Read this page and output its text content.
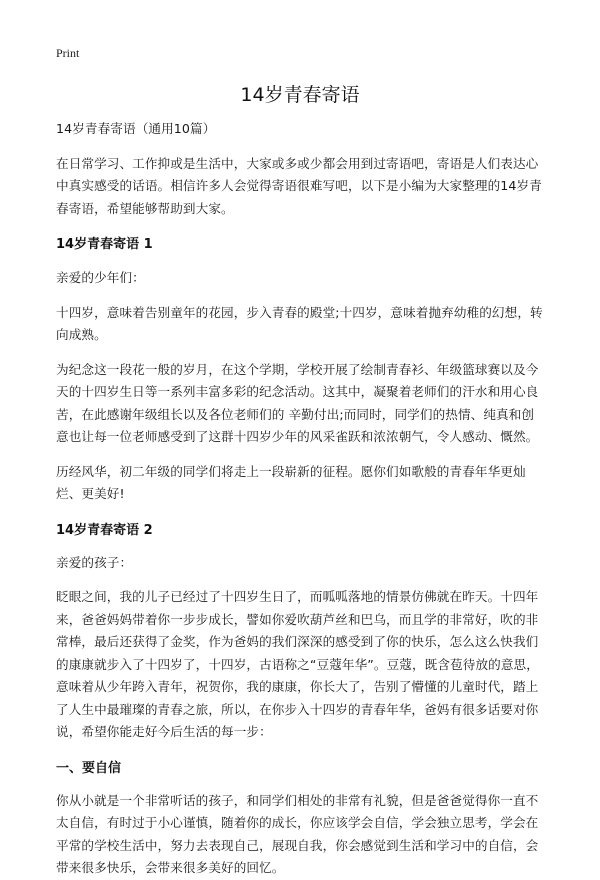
Print
14岁青春寄语

14岁青春寄语（通用10篇）

在日常学习、工作抑或是生活中，大家或多或少都会用到过寄语吧，寄语是人们表达心中真实感受的话语。相信许多人会觉得寄语很难写吧，以下是小编为大家整理的14岁青春寄语，希望能够帮助到大家。

14岁青春寄语 1

亲爱的少年们：

十四岁，意味着告别童年的花园，步入青春的殿堂;十四岁，意味着抛弃幼稚的幻想，转向成熟。

为纪念这一段花一般的岁月，在这个学期，学校开展了绘制青春衫、年级篮球赛以及今天的十四岁生日等一系列丰富多彩的纪念活动。这其中，凝聚着老师们的汗水和用心良苦，在此感谢年级组长以及各位老师们的 辛勤付出;而同时，同学们的热情、纯真和创意也让每一位老师感受到了这群十四岁少年的风采雀跃和浓浓朝气，令人感动、慨然。

历经风华，初二年级的同学们将走上一段崭新的征程。愿你们如歌般的青春年华更灿烂、更美好!

14岁青春寄语 2

亲爱的孩子：

眨眼之间，我的儿子已经过了十四岁生日了，而呱呱落地的情景仿佛就在昨天。十四年来，爸爸妈妈带着你一步步成长，譬如你爱吹葫芦丝和巴乌，而且学的非常好，吹的非常棒，最后还获得了金奖，作为爸妈的我们深深的感受到了你的快乐，怎么这么快我们的康康就步入了十四岁了，十四岁，古语称之“豆蔻年华”。豆蔻，既含苞待放的意思，意味着从少年跨入青年，祝贺你，我的康康，你长大了，告别了懵懂的儿童时代，踏上了人生中最璀璨的青春之旅，所以，在你步入十四岁的青春年华，爸妈有很多话要对你说，希望你能走好今后生活的每一步：

一、要自信

你从小就是一个非常听话的孩子，和同学们相处的非常有礼貌，但是爸爸觉得你一直不太自信，有时过于小心谨慎，随着你的成长，你应该学会自信，学会独立思考，学会在平常的学校生活中，努力去表现自己，展现自我，你会感觉到生活和学习中的自信，会带来很多快乐，会带来很多美好的回忆。
